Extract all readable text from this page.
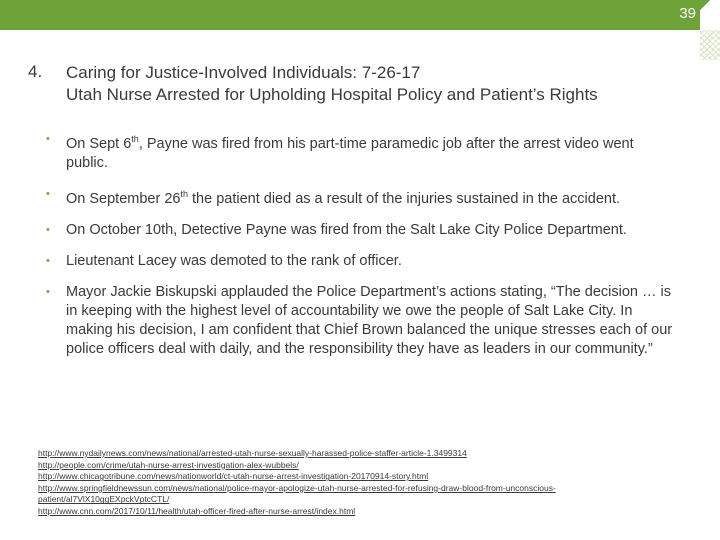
39
4. Caring for Justice-Involved Individuals: 7-26-17
Utah Nurse Arrested for Upholding Hospital Policy and Patient’s Rights
• On Sept 6th, Payne was fired from his part-time paramedic job after the arrest video went public.
• On September 26th the patient died as a result of the injuries sustained in the accident.
• On October 10th, Detective Payne was fired from the Salt Lake City Police Department.
• Lieutenant Lacey was demoted to the rank of officer.
• Mayor Jackie Biskupski applauded the Police Department’s actions stating, “The decision … is in keeping with the highest level of accountability we owe the people of Salt Lake City. In making his decision, I am confident that Chief Brown balanced the unique stresses each of our police officers deal with daily, and the responsibility they have as leaders in our community.”
http://www.nydailynews.com/news/national/arrested-utah-nurse-sexually-harassed-police-staffer-article-1.3499314
http://people.com/crime/utah-nurse-arrest-investigation-alex-wubbels/
http://www.chicagotribune.com/news/nationworld/ct-utah-nurse-arrest-investigation-20170914-story.html
http://www.springfieldnewssun.com/news/national/police-mayor-apologize-utah-nurse-arrested-for-refusing-draw-blood-from-unconscious-
patient/al7VlX10ggEXpckVptcCTL/
http://www.cnn.com/2017/10/11/health/utah-officer-fired-after-nurse-arrest/index.html
